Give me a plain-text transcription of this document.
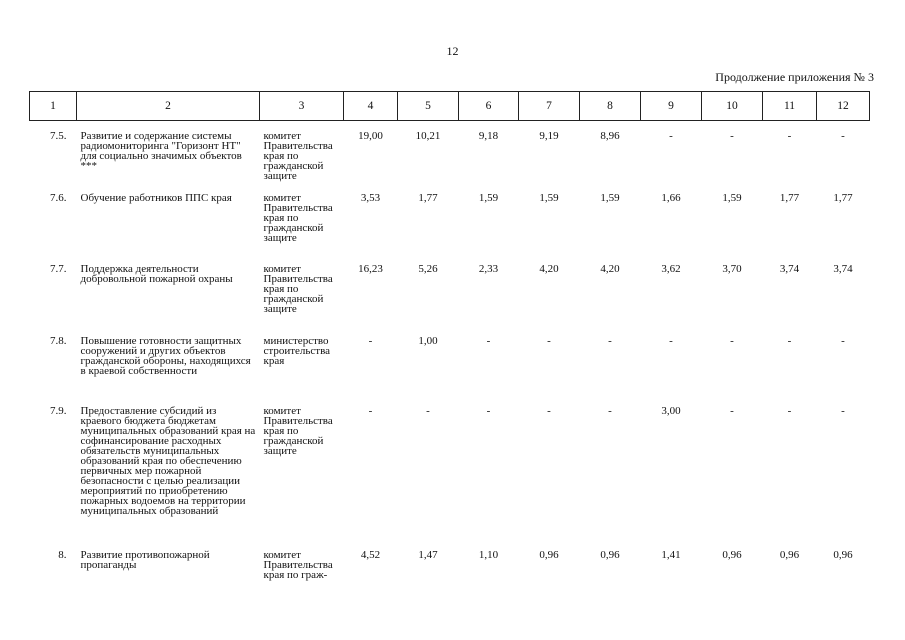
12
Продолжение приложения № 3
1	2	3	4	5	6	7	8	9	10	11	12
7.5.	Развитие и содержание системы радиомониторинга "Горизонт НТ" для социально значимых объектов ***	комитет Правительства края по гражданской защите	19,00	10,21	9,18	9,19	8,96	-	-	-	-
7.6.	Обучение работников ППС края	комитет Правительства края по гражданской защите	3,53	1,77	1,59	1,59	1,59	1,66	1,59	1,77	1,77
7.7.	Поддержка деятельности добровольной пожарной охраны	комитет Правительства края по гражданской защите	16,23	5,26	2,33	4,20	4,20	3,62	3,70	3,74	3,74
7.8.	Повышение готовности защитных сооружений и других объектов гражданской обороны, находящихся в краевой собственности	министерство строительства края	-	1,00	-	-	-	-	-	-	-
7.9.	Предоставление субсидий из краевого бюджета бюджетам муниципальных образований края на софинансирование расходных обязательств муниципальных образований края по обеспечению первичных мер пожарной безопасности с целью реализации мероприятий по приобретению пожарных водоемов на территории муниципальных образований	комитет Правительства края по гражданской защите	-	-	-	-	-	3,00	-	-	-
8.	Развитие противопожарной пропаганды	комитет Правительства края по граж-	4,52	1,47	1,10	0,96	0,96	1,41	0,96	0,96	0,96
